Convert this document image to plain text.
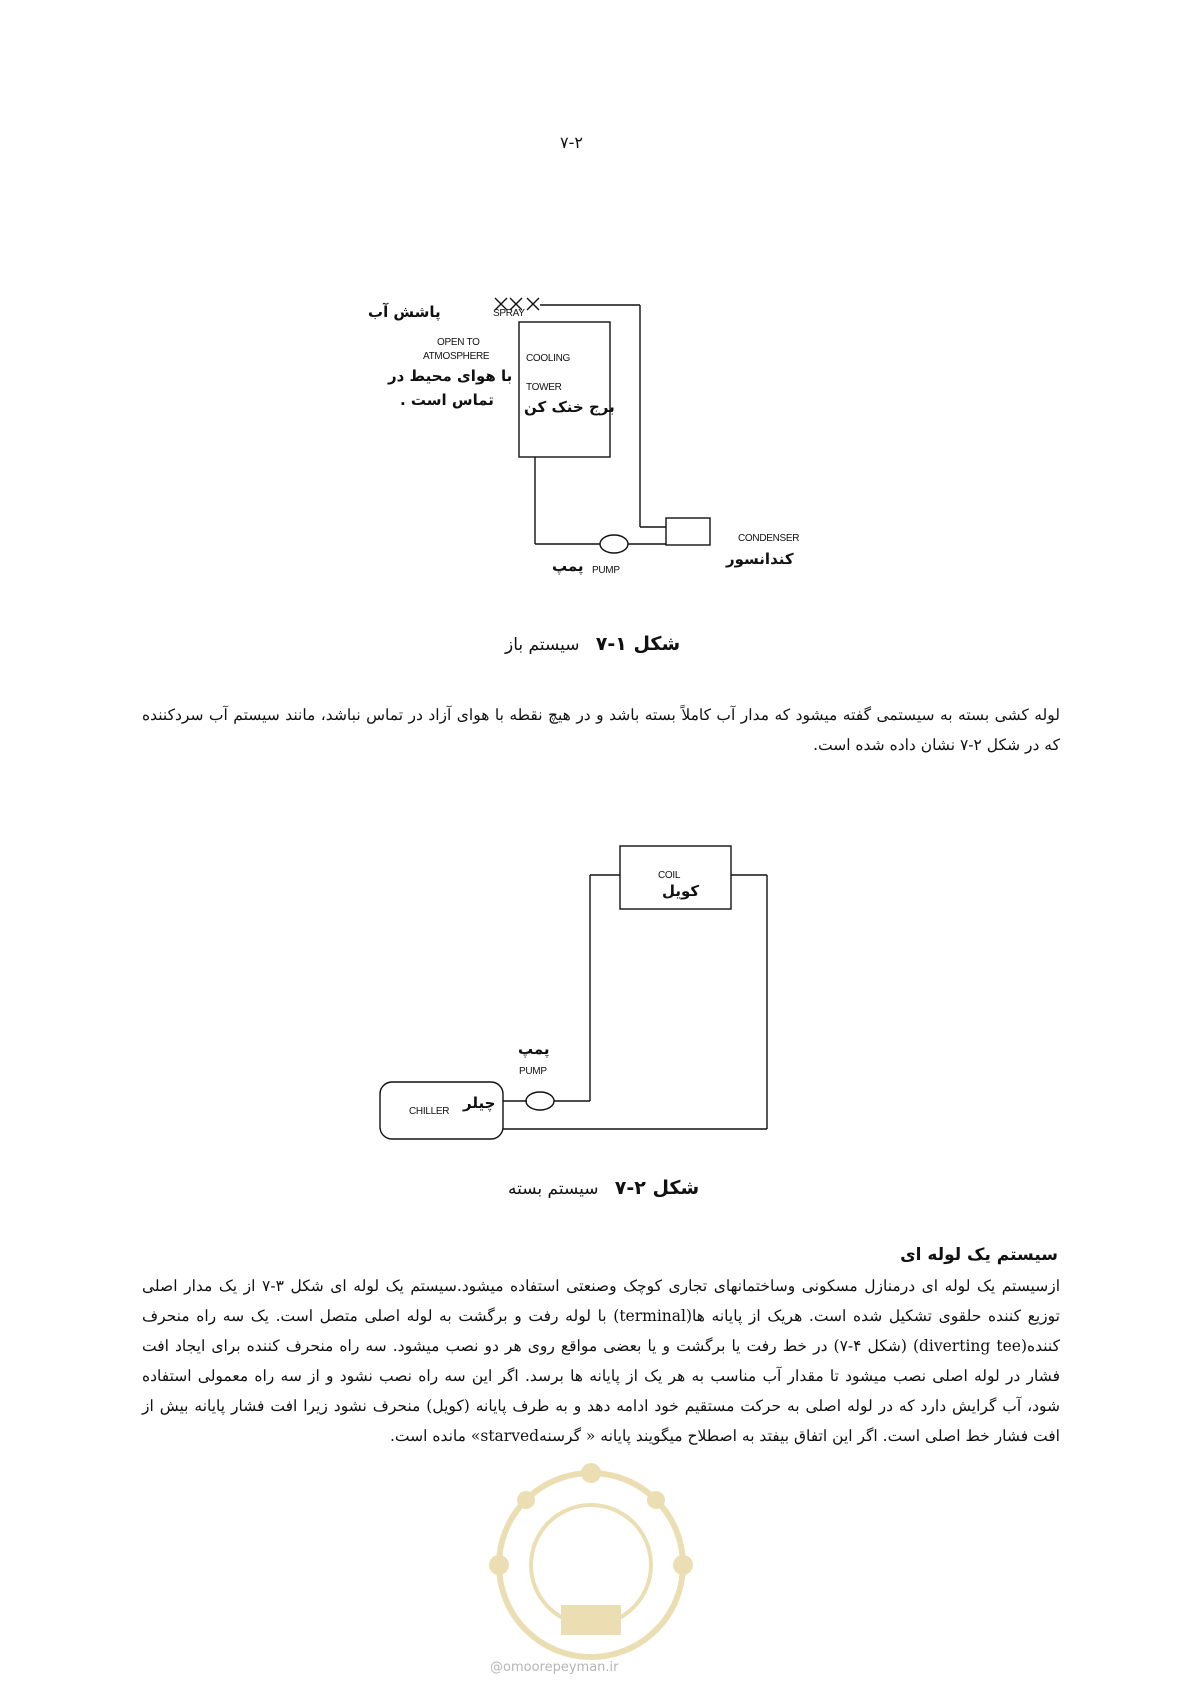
۷-۲
SPRAY
پاشش آب
OPEN TO
ATMOSPHERE
با هوای محیط در
تماس است .
COOLING
TOWER
برج خنک کن
CONDENSER
کندانسور
پمپ PUMP
شکل ۱-۷   سیستم باز
لوله کشی بسته به سیستمی گفته میشود که مدار آب کاملاً بسته باشد و در هیچ نقطه با هوای آزاد در تماس نباشد، مانند سیستم آب سردکننده که در شکل ۲-۷ نشان داده شده است.
COIL
کویل
پمپ
PUMP
CHILLER چیلر
شکل ۲-۷   سیستم بسته
سیستم یک لوله ای
ازسیستم یک لوله ای درمنازل مسکونی وساختمانهای تجاری کوچک وصنعتی استفاده میشود.سیستم یک لوله ای شکل ۳-۷ از یک مدار اصلی توزیع کننده حلقوی تشکیل شده است. هریک از پایانه ها(terminal) با لوله رفت و برگشت به لوله اصلی متصل است. یک سه راه منحرف کننده(diverting tee) (شکل ۴-۷) در خط رفت یا برگشت و یا بعضی مواقع روی هر دو نصب میشود. سه راه منحرف کننده برای ایجاد افت فشار در لوله اصلی نصب میشود تا مقدار آب مناسب به هر یک از پایانه ها برسد. اگر این سه راه نصب نشود و از سه راه معمولی استفاده شود، آب گرایش دارد که در لوله اصلی به حرکت مستقیم خود ادامه دهد و به طرف پایانه (کویل) منحرف نشود زیرا افت فشار پایانه بیش از افت فشار خط اصلی است. اگر این اتفاق بیفتد به اصطلاح میگویند پایانه « گرسنهstarved» مانده است.
@omoorepeyman.ir
